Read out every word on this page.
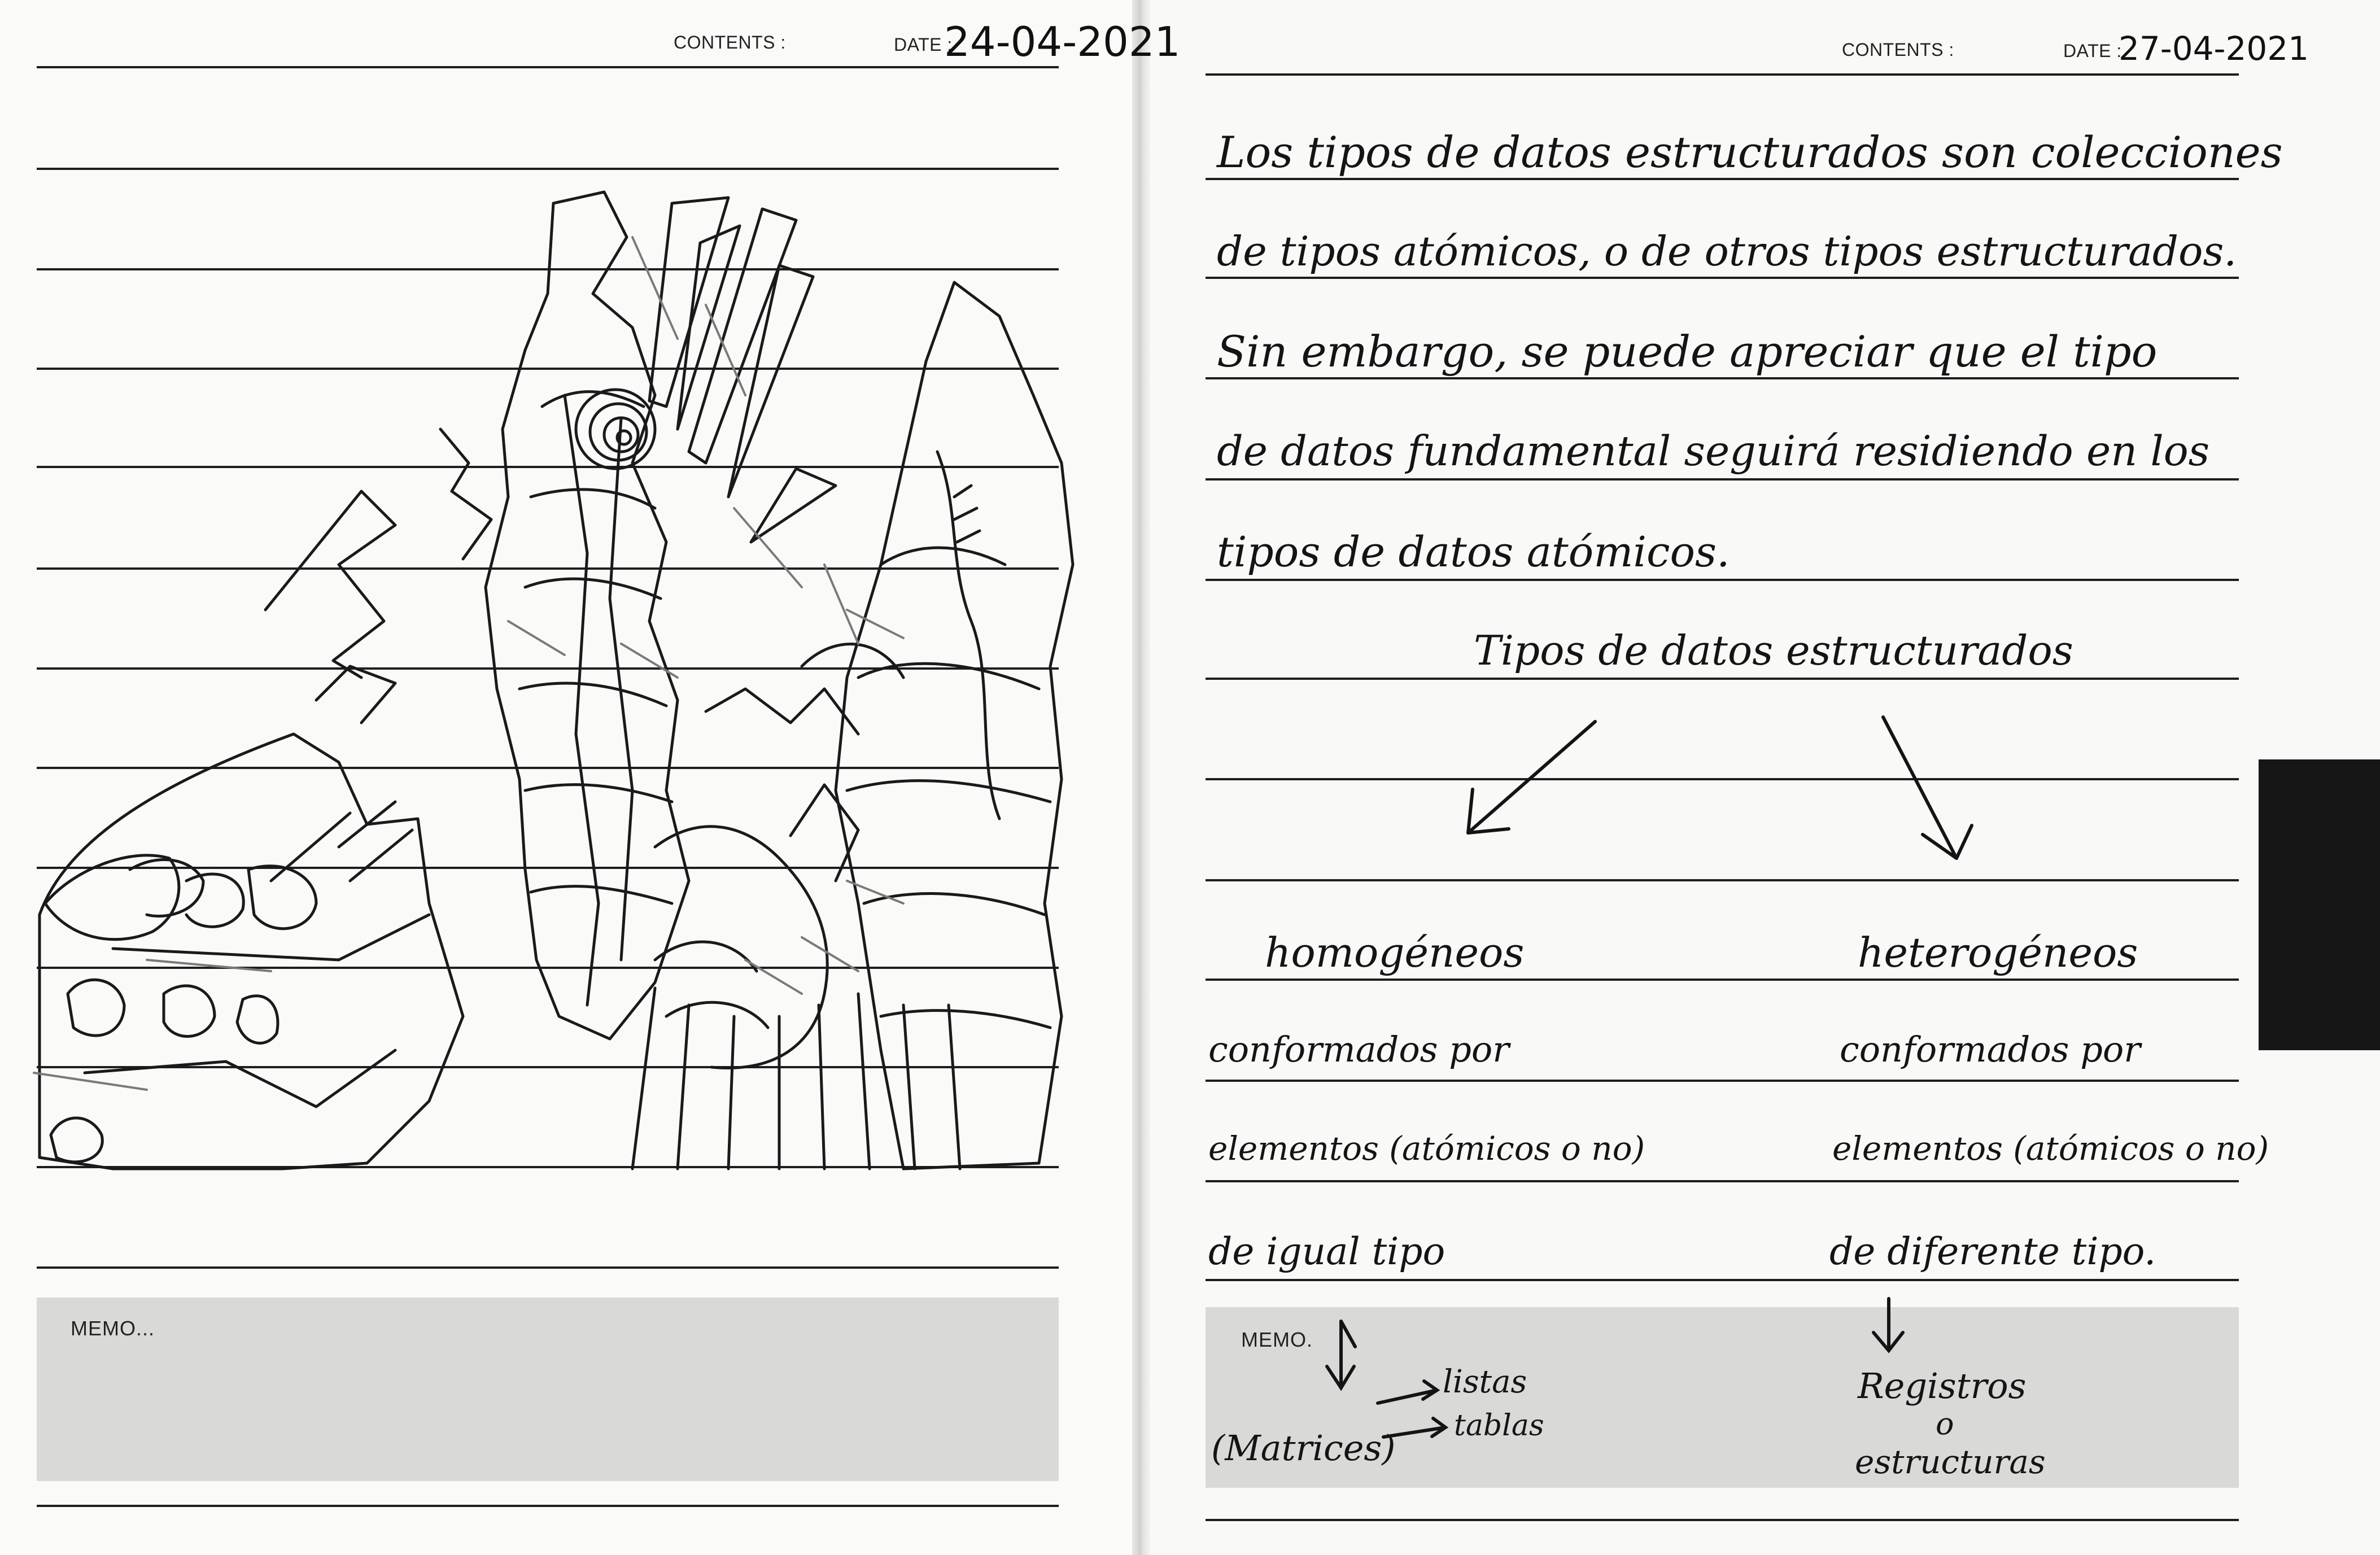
CONTENTS :	DATE :
24-04-2021	CONTENTS :	DATE :
27-04-2021
MEMO...	MEMO.
Los tipos de datos estructurados son colecciones
de tipos atómicos, o de otros tipos estructurados.
Sin embargo, se puede apreciar que el tipo
de datos fundamental seguirá residiendo en los
tipos de datos atómicos.
Tipos de datos estructurados
homogéneos	heterogéneos
conformados por	conformados por
elementos (atómicos o no)	elementos (atómicos o no)
de igual tipo	de diferente tipo.
(Matrices)
listas
tablas
Registros
o
estructuras
